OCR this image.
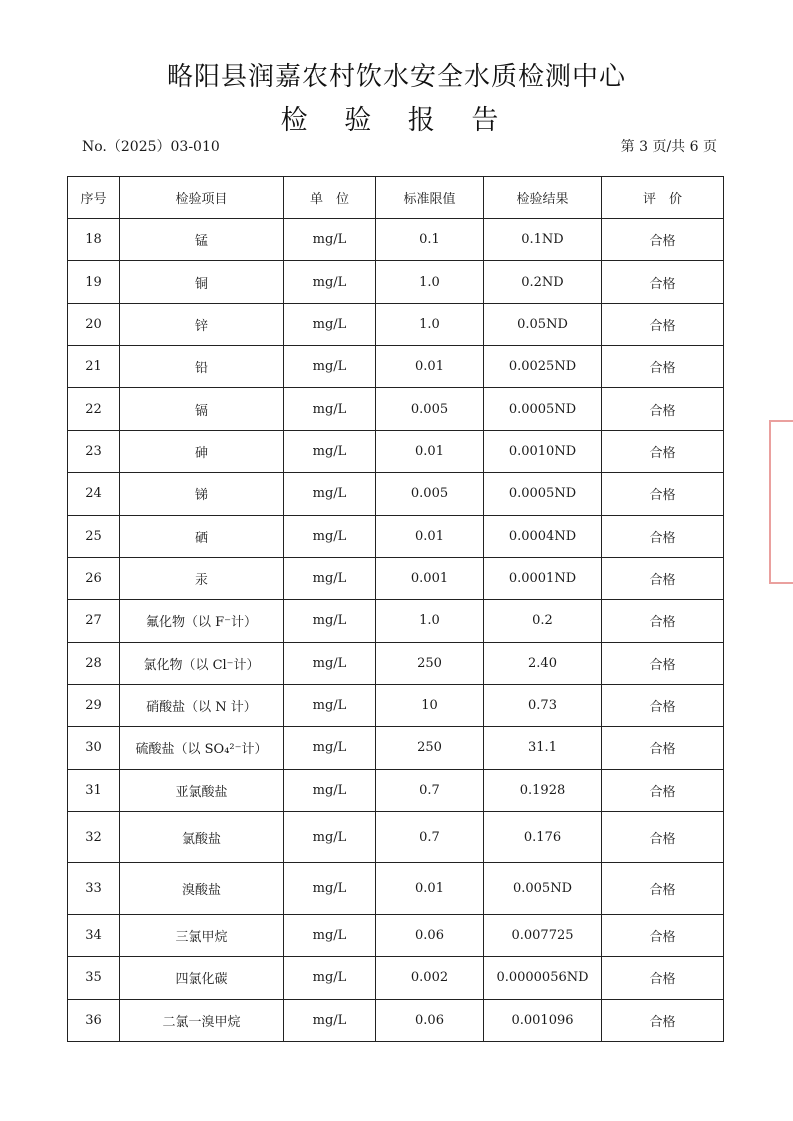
略阳县润嘉农村饮水安全水质检测中心
检 验 报 告
No.（2025）03-010	第 3 页/共 6 页
序号	检验项目	单　位	标准限值	检验结果	评　价
18	锰	mg/L	0.1	0.1ND	合格
19	铜	mg/L	1.0	0.2ND	合格
20	锌	mg/L	1.0	0.05ND	合格
21	铅	mg/L	0.01	0.0025ND	合格
22	镉	mg/L	0.005	0.0005ND	合格
23	砷	mg/L	0.01	0.0010ND	合格
24	锑	mg/L	0.005	0.0005ND	合格
25	硒	mg/L	0.01	0.0004ND	合格
26	汞	mg/L	0.001	0.0001ND	合格
27	氟化物（以 F⁻计）	mg/L	1.0	0.2	合格
28	氯化物（以 Cl⁻计）	mg/L	250	2.40	合格
29	硝酸盐（以 N 计）	mg/L	10	0.73	合格
30	硫酸盐（以 SO₄²⁻计）	mg/L	250	31.1	合格
31	亚氯酸盐	mg/L	0.7	0.1928	合格
32	氯酸盐	mg/L	0.7	0.176	合格
33	溴酸盐	mg/L	0.01	0.005ND	合格
34	三氯甲烷	mg/L	0.06	0.007725	合格
35	四氯化碳	mg/L	0.002	0.0000056ND	合格
36	二氯一溴甲烷	mg/L	0.06	0.001096	合格
